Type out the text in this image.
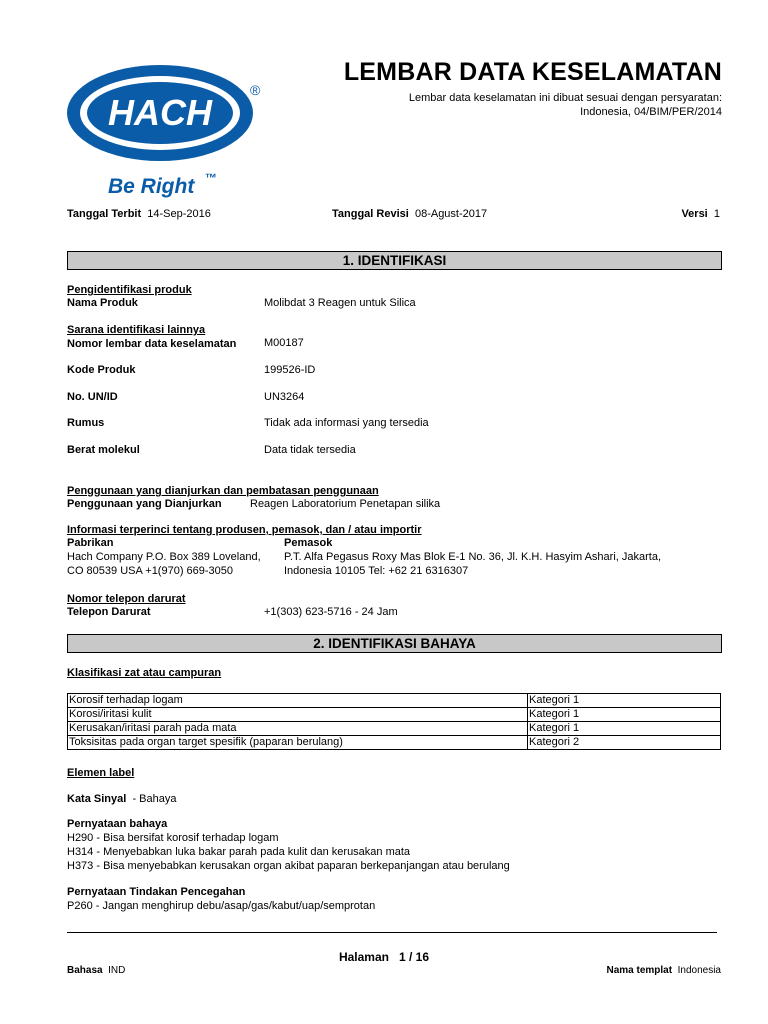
HACH
®
Be Right ™
LEMBAR DATA KESELAMATAN
Lembar data keselamatan ini dibuat sesuai dengan persyaratan:
Indonesia, 04/BIM/PER/2014
Tanggal Terbit 14-Sep-2016	Tanggal Revisi 08-Agust-2017	Versi 1
1. IDENTIFIKASI
Pengidentifikasi produk
Nama Produk	Molibdat 3 Reagen untuk Silica
Sarana identifikasi lainnya
Nomor lembar data keselamatan	M00187
Kode Produk	199526-ID
No. UN/ID	UN3264
Rumus	Tidak ada informasi yang tersedia
Berat molekul	Data tidak tersedia
Penggunaan yang dianjurkan dan pembatasan penggunaan
Penggunaan yang Dianjurkan	Reagen Laboratorium Penetapan silika
Informasi terperinci tentang produsen, pemasok, dan / atau importir
Pabrikan
Hach Company P.O. Box 389 Loveland,
CO 80539 USA +1(970) 669-3050
Pemasok
P.T. Alfa Pegasus Roxy Mas Blok E-1 No. 36, Jl. K.H. Hasyim Ashari, Jakarta,
Indonesia 10105 Tel: +62 21 6316307
Nomor telepon darurat
Telepon Darurat	+1(303) 623-5716 - 24 Jam
2. IDENTIFIKASI BAHAYA
Klasifikasi zat atau campuran
Korosif terhadap logam	Kategori 1
Korosi/iritasi kulit	Kategori 1
Kerusakan/iritasi parah pada mata	Kategori 1
Toksisitas pada organ target spesifik (paparan berulang)	Kategori 2
Elemen label
Kata Sinyal - Bahaya
Pernyataan bahaya
H290 - Bisa bersifat korosif terhadap logam
H314 - Menyebabkan luka bakar parah pada kulit dan kerusakan mata
H373 - Bisa menyebabkan kerusakan organ akibat paparan berkepanjangan atau berulang
Pernyataan Tindakan Pencegahan
P260 - Jangan menghirup debu/asap/gas/kabut/uap/semprotan
Halaman 1 / 16
Bahasa IND	Nama templat Indonesia
